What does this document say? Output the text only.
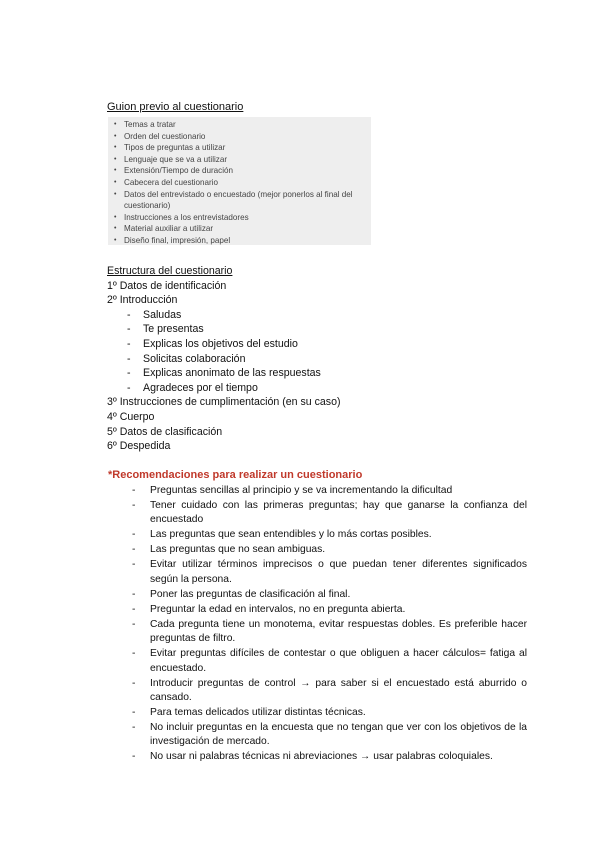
Guion previo al cuestionario
• Temas a tratar
• Orden del cuestionario
• Tipos de preguntas a utilizar
• Lenguaje que se va a utilizar
• Extensión/Tiempo de duración
• Cabecera del cuestionario
• Datos del entrevistado o encuestado (mejor ponerlos al final del cuestionario)
• Instrucciones a los entrevistadores
• Material auxiliar a utilizar
• Diseño final, impresión, papel
Estructura del cuestionario
1º Datos de identificación
2º Introducción
- Saludas
- Te presentas
- Explicas los objetivos del estudio
- Solicitas colaboración
- Explicas anonimato de las respuestas
- Agradeces por el tiempo
3º Instrucciones de cumplimentación (en su caso)
4º Cuerpo
5º Datos de clasificación
6º Despedida
*Recomendaciones para realizar un cuestionario
- Preguntas sencillas al principio y se va incrementando la dificultad
- Tener cuidado con las primeras preguntas; hay que ganarse la confianza del encuestado
- Las preguntas que sean entendibles y lo más cortas posibles.
- Las preguntas que no sean ambiguas.
- Evitar utilizar términos imprecisos o que puedan tener diferentes significados según la persona.
- Poner las preguntas de clasificación al final.
- Preguntar la edad en intervalos, no en pregunta abierta.
- Cada pregunta tiene un monotema, evitar respuestas dobles. Es preferible hacer preguntas de filtro.
- Evitar preguntas difíciles de contestar o que obliguen a hacer cálculos= fatiga al encuestado.
- Introducir preguntas de control → para saber si el encuestado está aburrido o cansado.
- Para temas delicados utilizar distintas técnicas.
- No incluir preguntas en la encuesta que no tengan que ver con los objetivos de la investigación de mercado.
- No usar ni palabras técnicas ni abreviaciones → usar palabras coloquiales.
